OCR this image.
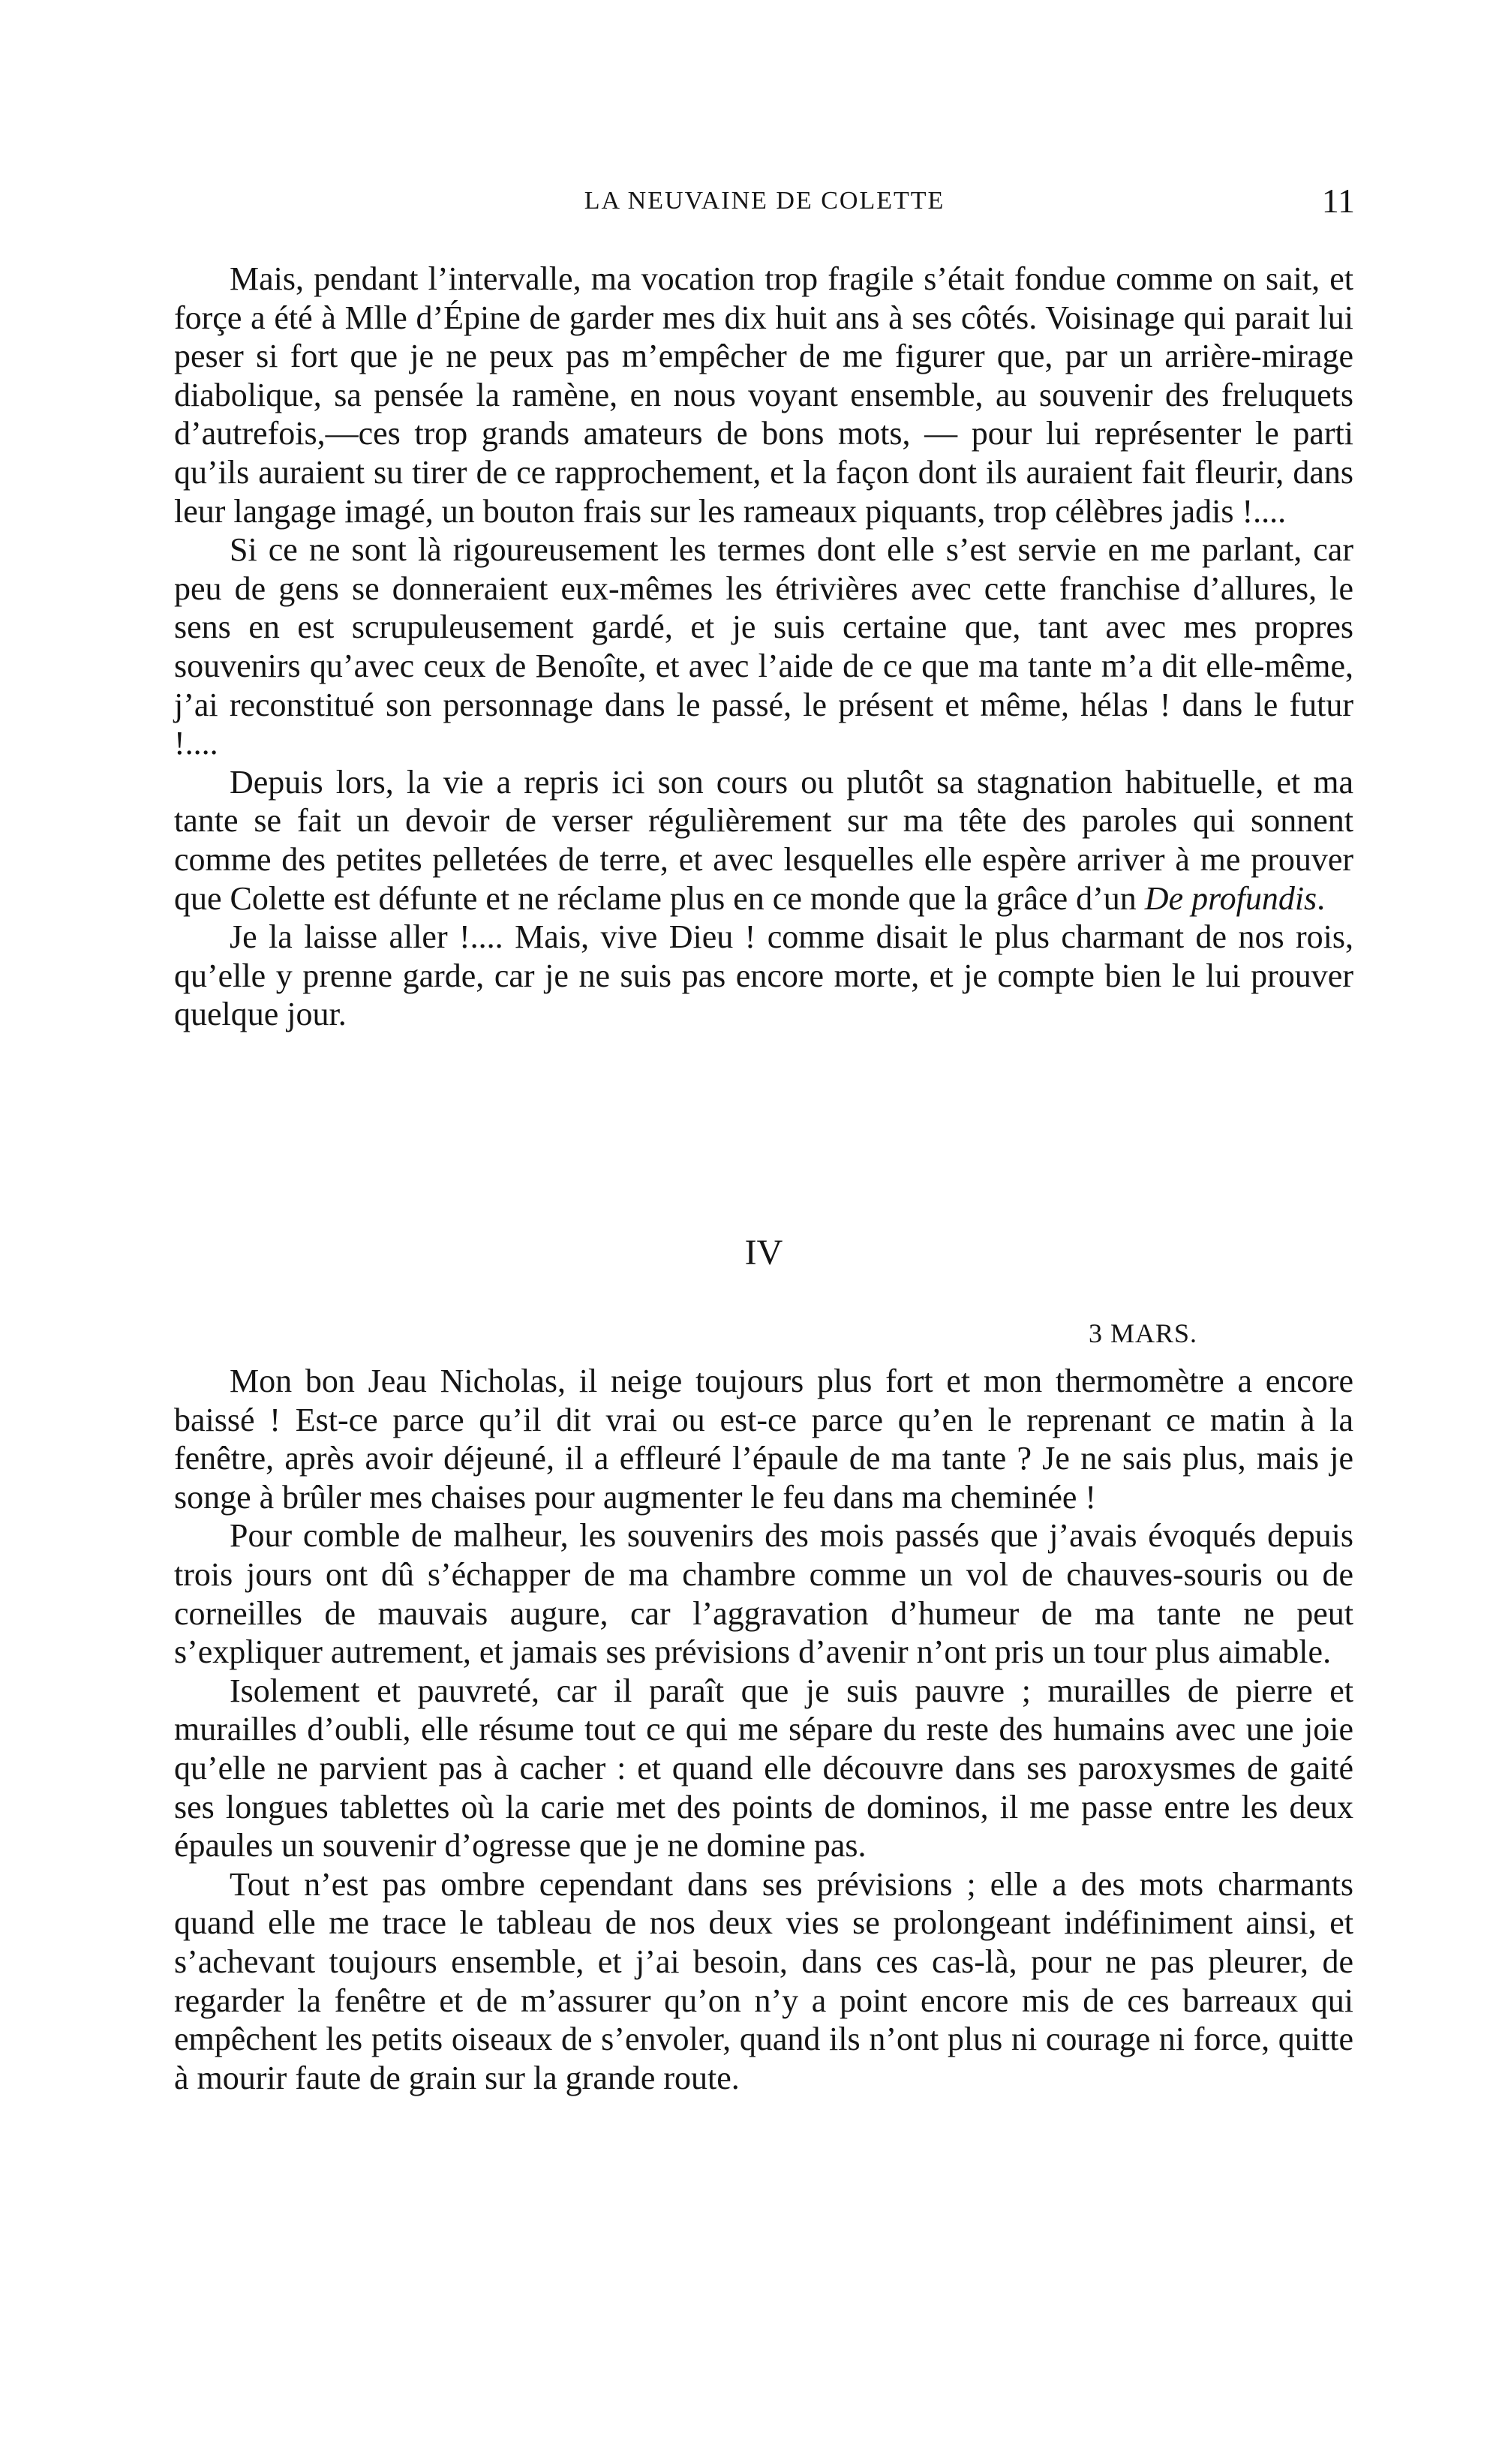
LA NEUVAINE DE COLETTE	11

Mais, pendant l’intervalle, ma vocation trop fragile s’était fondue comme on sait, et forçe a été à Mlle d’Épine de garder mes dix huit ans à ses côtés. Voisinage qui parait lui peser si fort que je ne peux pas m’empêcher de me figurer que, par un arrière-mirage diabolique, sa pensée la ramène, en nous voyant ensemble, au souvenir des freluquets d’autrefois,—ces trop grands amateurs de bons mots, — pour lui représenter le parti qu’ils auraient su tirer de ce rapprochement, et la façon dont ils auraient fait fleurir, dans leur langage imagé, un bouton frais sur les rameaux piquants, trop célèbres jadis !....

Si ce ne sont là rigoureusement les termes dont elle s’est servie en me parlant, car peu de gens se donneraient eux-mêmes les étrivières avec cette franchise d’allures, le sens en est scrupuleusement gardé, et je suis certaine que, tant avec mes propres souvenirs qu’avec ceux de Benoîte, et avec l’aide de ce que ma tante m’a dit elle-même, j’ai reconstitué son personnage dans le passé, le présent et même, hélas ! dans le futur !....

Depuis lors, la vie a repris ici son cours ou plutôt sa stagnation habituelle, et ma tante se fait un devoir de verser régulièrement sur ma tête des paroles qui sonnent comme des petites pelletées de terre, et avec lesquelles elle espère arriver à me prouver que Colette est défunte et ne réclame plus en ce monde que la grâce d’un De profundis.

Je la laisse aller !.... Mais, vive Dieu ! comme disait le plus charmant de nos rois, qu’elle y prenne garde, car je ne suis pas encore morte, et je compte bien le lui prouver quelque jour.

IV
3 MARS.

Mon bon Jeau Nicholas, il neige toujours plus fort et mon thermomètre a encore baissé ! Est-ce parce qu’il dit vrai ou est-ce parce qu’en le reprenant ce matin à la fenêtre, après avoir déjeuné, il a effleuré l’épaule de ma tante ? Je ne sais plus, mais je songe à brûler mes chaises pour augmenter le feu dans ma cheminée !

Pour comble de malheur, les souvenirs des mois passés que j’avais évoqués depuis trois jours ont dû s’échapper de ma chambre comme un vol de chauves-souris ou de corneilles de mauvais augure, car l’aggravation d’humeur de ma tante ne peut s’expliquer autrement, et jamais ses prévisions d’avenir n’ont pris un tour plus aimable.

Isolement et pauvreté, car il paraît que je suis pauvre ; murailles de pierre et murailles d’oubli, elle résume tout ce qui me sépare du reste des humains avec une joie qu’elle ne parvient pas à cacher : et quand elle découvre dans ses paroxysmes de gaité ses longues tablettes où la carie met des points de dominos, il me passe entre les deux épaules un souvenir d’ogresse que je ne domine pas.

Tout n’est pas ombre cependant dans ses prévisions ; elle a des mots charmants quand elle me trace le tableau de nos deux vies se prolongeant indéfiniment ainsi, et s’achevant toujours ensemble, et j’ai besoin, dans ces cas-là, pour ne pas pleurer, de regarder la fenêtre et de m’assurer qu’on n’y a point encore mis de ces barreaux qui empêchent les petits oiseaux de s’envoler, quand ils n’ont plus ni courage ni force, quitte à mourir faute de grain sur la grande route.
